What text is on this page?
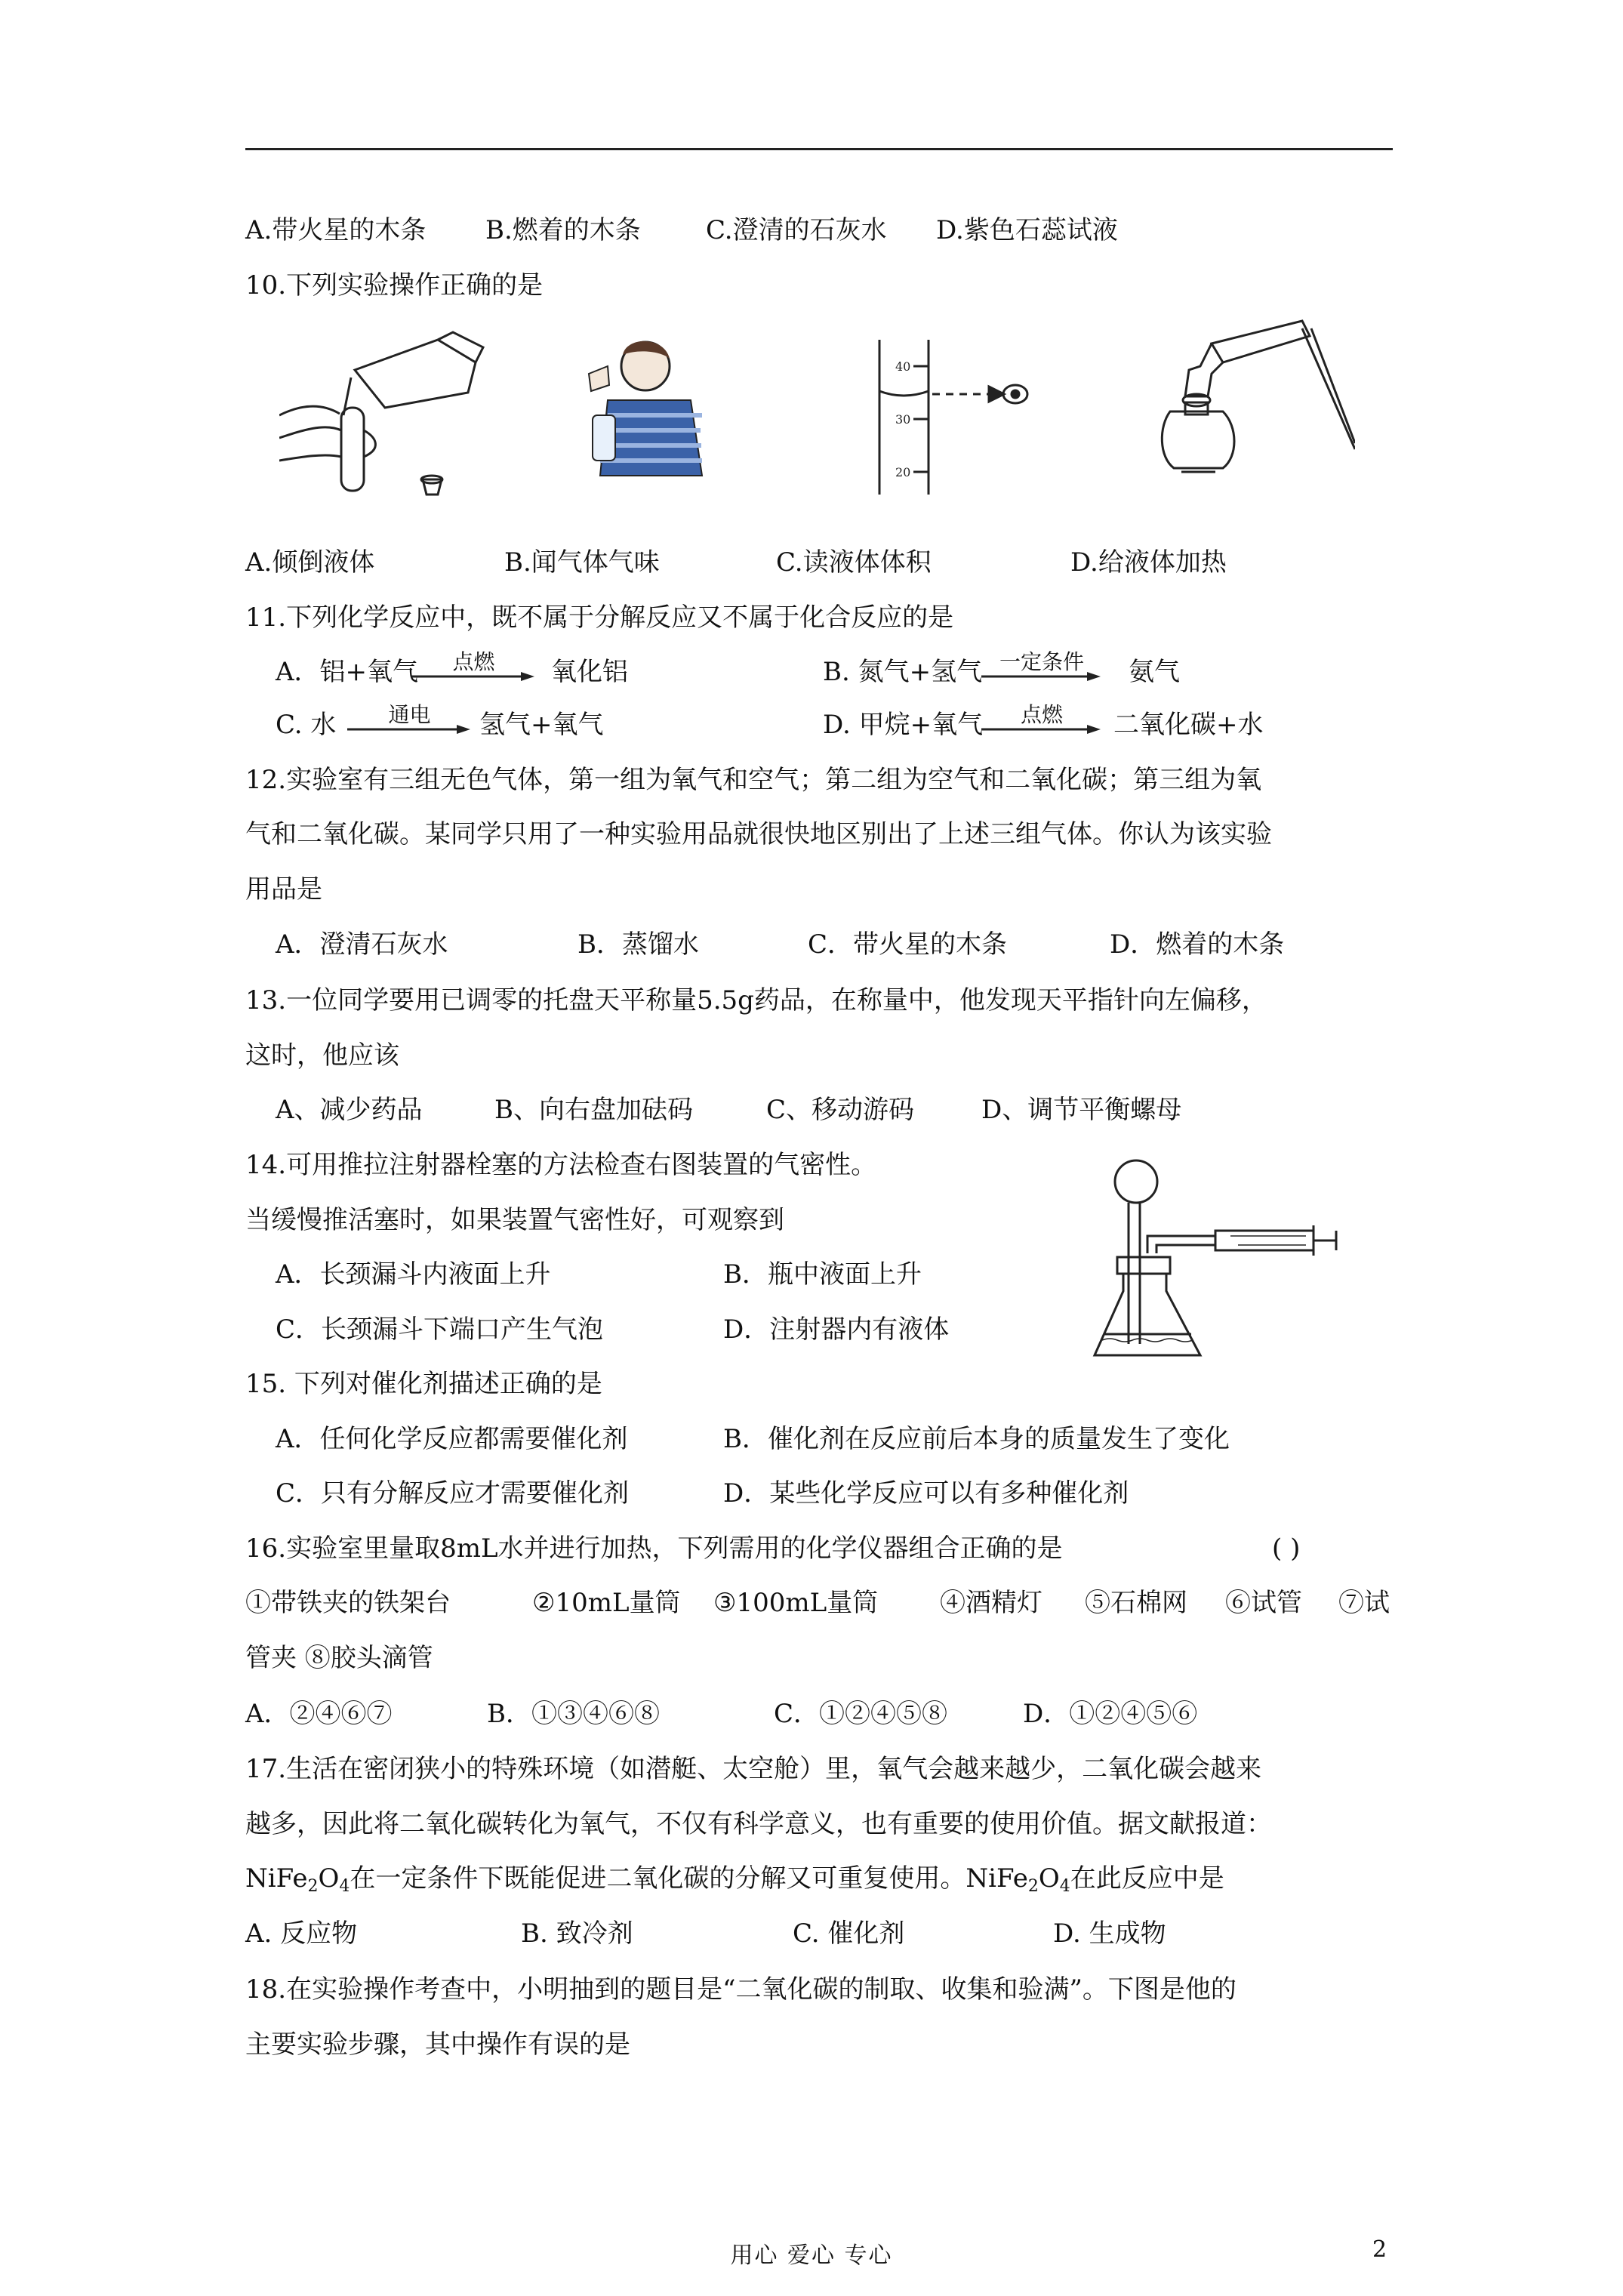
A.带火星的木条 B.燃着的木条	C.澄清的石灰水 D.紫色石蕊试液
10.下列实验操作正确的是
40
30
20
A.倾倒液体	B.闻气体气味	C.读液体体积	D.给液体加热
11.下列化学反应中，既不属于分解反应又不属于化合反应的是
A．铝+氧气	点燃	氧化铝	B. 氮气+氢气 一定条件	氨气
C. 水	通电	氢气+氧气	D. 甲烷+氧气	点燃	二氧化碳+水
12.实验室有三组无色气体，第一组为氧气和空气；第二组为空气和二氧化碳；第三组为氧
气和二氧化碳。某同学只用了一种实验用品就很快地区别出了上述三组气体。你认为该实验
用品是
A．澄清石灰水	B．蒸馏水	C．带火星的木条	D．燃着的木条
13.一位同学要用已调零的托盘天平称量5.5g药品，在称量中，他发现天平指针向左偏移，
这时，他应该
A、减少药品	B、向右盘加砝码	C、移动游码	D、调节平衡螺母
14.可用推拉注射器栓塞的方法检查右图装置的气密性。
当缓慢推活塞时，如果装置气密性好，可观察到
A．长颈漏斗内液面上升	B．瓶中液面上升
C．长颈漏斗下端口产生气泡	D．注射器内有液体
15. 下列对催化剂描述正确的是
A．任何化学反应都需要催化剂	B．催化剂在反应前后本身的质量发生了变化
C．只有分解反应才需要催化剂	D．某些化学反应可以有多种催化剂
16.实验室里量取8mL水并进行加热，下列需用的化学仪器组合正确的是	( )
①带铁夹的铁架台	②10mL量筒 ③100mL量筒 ④酒精灯 ⑤石棉网 ⑥试管 ⑦试
管夹 ⑧胶头滴管
A．②④⑥⑦	B．①③④⑥⑧	C．①②④⑤⑧	D．①②④⑤⑥
17.生活在密闭狭小的特殊环境（如潜艇、太空舱）里，氧气会越来越少，二氧化碳会越来
越多，因此将二氧化碳转化为氧气，不仅有科学意义，也有重要的使用价值。据文献报道：
$NiFe_2O_4$在一定条件下既能促进二氧化碳的分解又可重复使用。$NiFe_2O_4$在此反应中是
A. 反应物	B. 致冷剂	C. 催化剂	D. 生成物
18.在实验操作考查中，小明抽到的题目是“二氧化碳的制取、收集和验满”。下图是他的
主要实验步骤，其中操作有误的是
用心 爱心 专心	2
